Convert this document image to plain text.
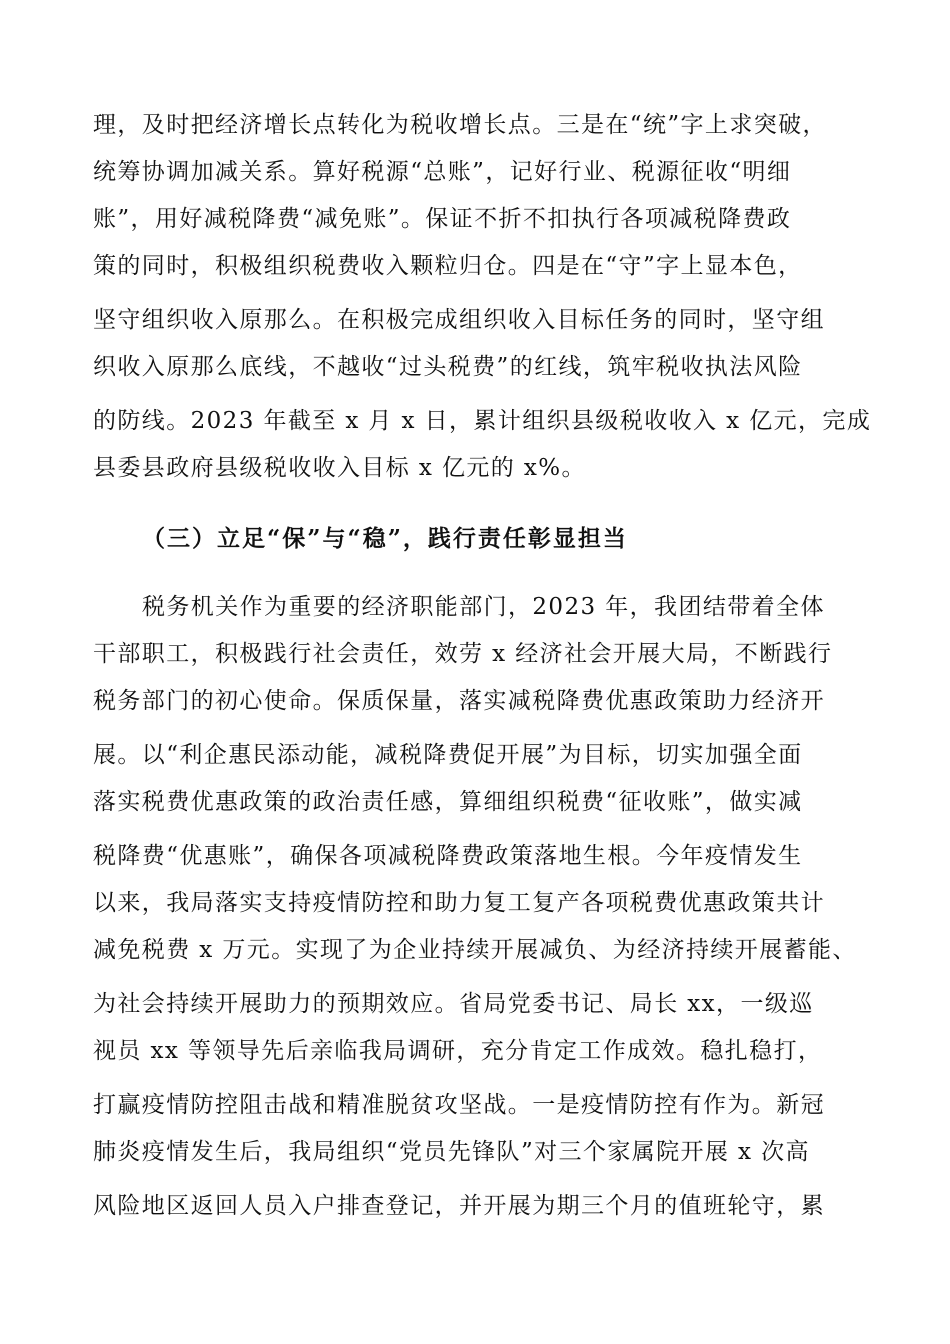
理，及时把经济增长点转化为税收增长点。三是在“统”字上求突破，
统筹协调加减关系。算好税源“总账”，记好行业、税源征收“明细
账”，用好减税降费“减免账”。保证不折不扣执行各项减税降费政
策的同时，积极组织税费收入颗粒归仓。四是在“守”字上显本色，
坚守组织收入原那么。在积极完成组织收入目标任务的同时，坚守组
织收入原那么底线，不越收“过头税费”的红线，筑牢税收执法风险
的防线。2023 年截至 x 月 x 日，累计组织县级税收收入 x 亿元，完成
县委县政府县级税收收入目标 x 亿元的 x%。
（三）立足“保”与“稳”，践行责任彰显担当
税务机关作为重要的经济职能部门，2023 年，我团结带着全体
干部职工，积极践行社会责任，效劳 x 经济社会开展大局，不断践行
税务部门的初心使命。保质保量，落实减税降费优惠政策助力经济开
展。以“利企惠民添动能，减税降费促开展”为目标，切实加强全面
落实税费优惠政策的政治责任感，算细组织税费“征收账”，做实减
税降费“优惠账”，确保各项减税降费政策落地生根。今年疫情发生
以来，我局落实支持疫情防控和助力复工复产各项税费优惠政策共计
减免税费 x 万元。实现了为企业持续开展减负、为经济持续开展蓄能、
为社会持续开展助力的预期效应。省局党委书记、局长 xx，一级巡
视员 xx 等领导先后亲临我局调研，充分肯定工作成效。稳扎稳打，
打赢疫情防控阻击战和精准脱贫攻坚战。一是疫情防控有作为。新冠
肺炎疫情发生后，我局组织“党员先锋队”对三个家属院开展 x 次高
风险地区返回人员入户排查登记，并开展为期三个月的值班轮守，累
